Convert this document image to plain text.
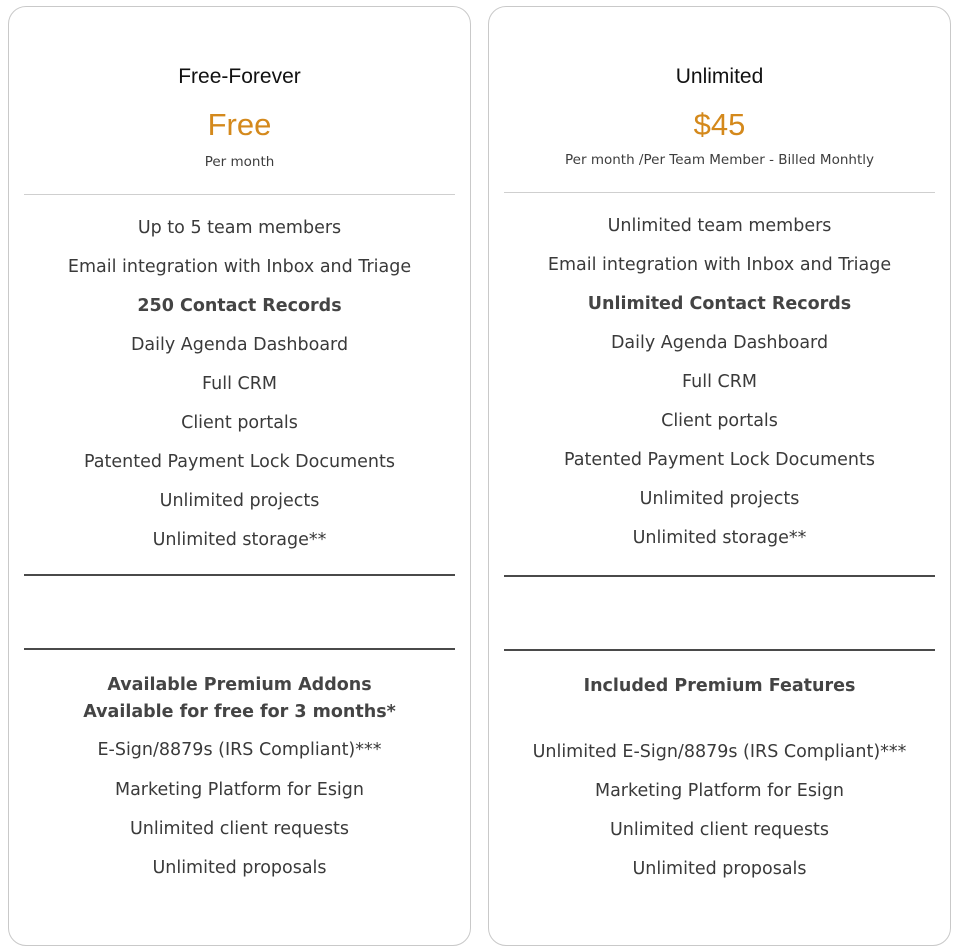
Free-Forever
Free
Per month
Up to 5 team members
Email integration with Inbox and Triage
250 Contact Records
Daily Agenda Dashboard
Full CRM
Client portals
Patented Payment Lock Documents
Unlimited projects
Unlimited storage**
Available Premium Addons
Available for free for 3 months*
E-Sign/8879s (IRS Compliant)***
Marketing Platform for Esign
Unlimited client requests
Unlimited proposals
Unlimited
$45
Per month /Per Team Member - Billed Monhtly
Unlimited team members
Email integration with Inbox and Triage
Unlimited Contact Records
Daily Agenda Dashboard
Full CRM
Client portals
Patented Payment Lock Documents
Unlimited projects
Unlimited storage**
Included Premium Features
Unlimited E-Sign/8879s (IRS Compliant)***
Marketing Platform for Esign
Unlimited client requests
Unlimited proposals
